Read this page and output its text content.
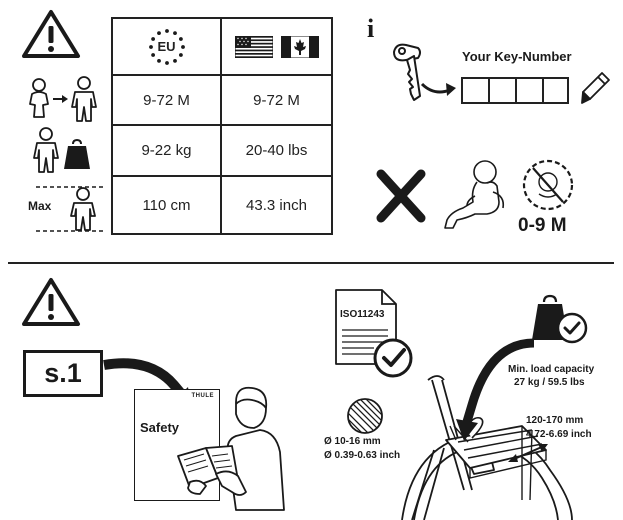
Max
EU
9-72 M	9-72 M
9-22 kg	20-40 lbs
110 cm	43.3 inch
i
Your Key-Number
0-9 M
s.1
THULE
Safety
ISO11243
Ø 10-16 mm
Ø 0.39-0.63 inch
Min. load capacity
27 kg / 59.5 lbs
120-170 mm
4.72-6.69 inch
